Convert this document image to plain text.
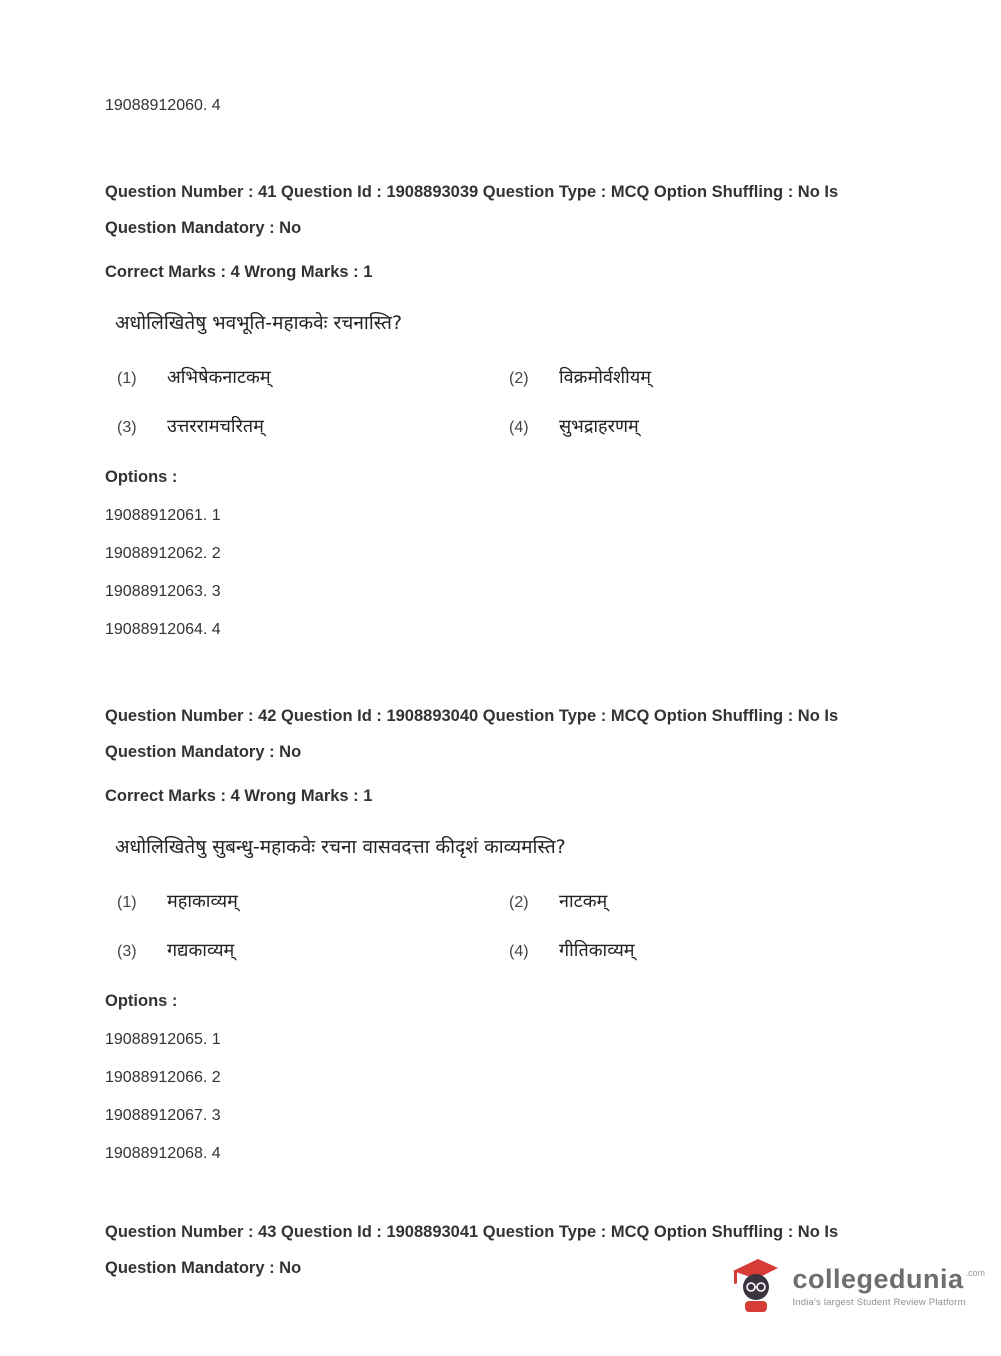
19088912060. 4

Question Number : 41 Question Id : 1908893039 Question Type : MCQ Option Shuffling : No Is

Question Mandatory : No

Correct Marks : 4 Wrong Marks : 1

अधोलिखितेषु भवभूति-महाकवेः रचनास्ति?

(1)	अभिषेकनाटकम्	(2)	विक्रमोर्वशीयम्
(3)	उत्तररामचरितम्	(4)	सुभद्राहरणम्

Options :

19088912061. 1

19088912062. 2

19088912063. 3

19088912064. 4

Question Number : 42 Question Id : 1908893040 Question Type : MCQ Option Shuffling : No Is

Question Mandatory : No

Correct Marks : 4 Wrong Marks : 1

अधोलिखितेषु सुबन्धु-महाकवेः रचना वासवदत्ता कीदृशं काव्यमस्ति?

(1)	महाकाव्यम्	(2)	नाटकम्
(3)	गद्यकाव्यम्	(4)	गीतिकाव्यम्

Options :

19088912065. 1

19088912066. 2

19088912067. 3

19088912068. 4

Question Number : 43 Question Id : 1908893041 Question Type : MCQ Option Shuffling : No Is

Question Mandatory : No	collegedunia .com
India's largest Student Review Platform
